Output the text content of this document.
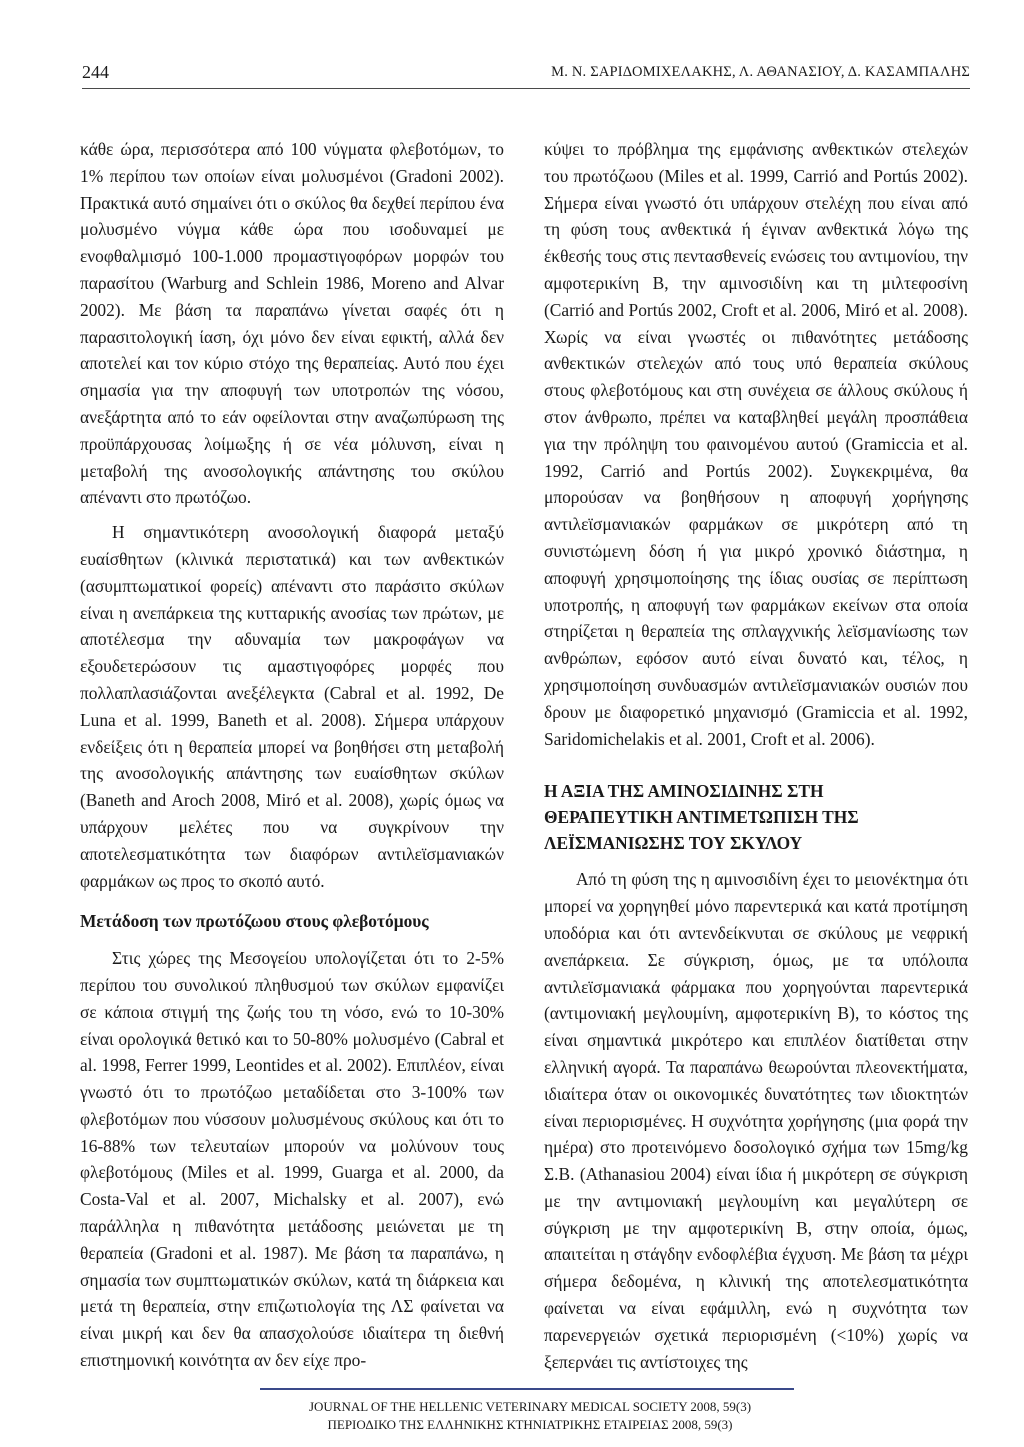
244	Μ. Ν. ΣΑΡΙΔΟΜΙΧΕΛΑΚΗΣ, Λ. ΑΘΑΝΑΣΙΟΥ, Δ. ΚΑΣΑΜΠΑΛΗΣ

κάθε ώρα, περισσότερα από 100 νύγματα φλεβοτόμων, το 1% περίπου των οποίων είναι μολυσμένοι (Gradoni 2002). Πρακτικά αυτό σημαίνει ότι ο σκύλος θα δεχθεί περίπου ένα μολυσμένο νύγμα κάθε ώρα που ισοδυναμεί με ενοφθαλμισμό 100-1.000 προμαστιγοφόρων μορφών του παρασίτου (Warburg and Schlein 1986, Moreno and Alvar 2002). Με βάση τα παραπάνω γίνεται σαφές ότι η παρασιτολογική ίαση, όχι μόνο δεν είναι εφικτή, αλλά δεν αποτελεί και τον κύριο στόχο της θεραπείας. Αυτό που έχει σημασία για την αποφυγή των υποτροπών της νόσου, ανεξάρτητα από το εάν οφείλονται στην αναζωπύρωση της προϋπάρχουσας λοίμωξης ή σε νέα μόλυνση, είναι η μεταβολή της ανοσολογικής απάντησης του σκύλου απέναντι στο πρωτόζωο.

Η σημαντικότερη ανοσολογική διαφορά μεταξύ ευαίσθητων (κλινικά περιστατικά) και των ανθεκτικών (ασυμπτωματικοί φορείς) απέναντι στο παράσιτο σκύλων είναι η ανεπάρκεια της κυτταρικής ανοσίας των πρώτων, με αποτέλεσμα την αδυναμία των μακροφάγων να εξουδετερώσουν τις αμαστιγοφόρες μορφές που πολλαπλασιάζονται ανεξέλεγκτα (Cabral et al. 1992, De Luna et al. 1999, Baneth et al. 2008). Σήμερα υπάρχουν ενδείξεις ότι η θεραπεία μπορεί να βοηθήσει στη μεταβολή της ανοσολογικής απάντησης των ευαίσθητων σκύλων (Baneth and Aroch 2008, Miró et al. 2008), χωρίς όμως να υπάρχουν μελέτες που να συγκρίνουν την αποτελεσματικότητα των διαφόρων αντιλεϊσμανιακών φαρμάκων ως προς το σκοπό αυτό.

Μετάδοση των πρωτόζωου στους φλεβοτόμους

Στις χώρες της Μεσογείου υπολογίζεται ότι το 2-5% περίπου του συνολικού πληθυσμού των σκύλων εμφανίζει σε κάποια στιγμή της ζωής του τη νόσο, ενώ το 10-30% είναι ορολογικά θετικό και το 50-80% μολυσμένο (Cabral et al. 1998, Ferrer 1999, Leontides et al. 2002). Επιπλέον, είναι γνωστό ότι το πρωτόζωο μεταδίδεται στο 3-100% των φλεβοτόμων που νύσσουν μολυσμένους σκύλους και ότι το 16-88% των τελευταίων μπορούν να μολύνουν τους φλεβοτόμους (Miles et al. 1999, Guarga et al. 2000, da Costa-Val et al. 2007, Michalsky et al. 2007), ενώ παράλληλα η πιθανότητα μετάδοσης μειώνεται με τη θεραπεία (Gradoni et al. 1987). Με βάση τα παραπάνω, η σημασία των συμπτωματικών σκύλων, κατά τη διάρκεια και μετά τη θεραπεία, στην επιζωτιολογία της ΛΣ φαίνεται να είναι μικρή και δεν θα απασχολούσε ιδιαίτερα τη διεθνή επιστημονική κοινότητα αν δεν είχε προ-

κύψει το πρόβλημα της εμφάνισης ανθεκτικών στελεχών του πρωτόζωου (Miles et al. 1999, Carrió and Portús 2002). Σήμερα είναι γνωστό ότι υπάρχουν στελέχη που είναι από τη φύση τους ανθεκτικά ή έγιναν ανθεκτικά λόγω της έκθεσής τους στις πεντασθενείς ενώσεις του αντιμονίου, την αμφοτερικίνη Β, την αμινοσιδίνη και τη μιλτεφοσίνη (Carrió and Portús 2002, Croft et al. 2006, Miró et al. 2008). Χωρίς να είναι γνωστές οι πιθανότητες μετάδοσης ανθεκτικών στελεχών από τους υπό θεραπεία σκύλους στους φλεβοτόμους και στη συνέχεια σε άλλους σκύλους ή στον άνθρωπο, πρέπει να καταβληθεί μεγάλη προσπάθεια για την πρόληψη του φαινομένου αυτού (Gramiccia et al. 1992, Carrió and Portús 2002). Συγκεκριμένα, θα μπορούσαν να βοηθήσουν η αποφυγή χορήγησης αντιλεϊσμανιακών φαρμάκων σε μικρότερη από τη συνιστώμενη δόση ή για μικρό χρονικό διάστημα, η αποφυγή χρησιμοποίησης της ίδιας ουσίας σε περίπτωση υποτροπής, η αποφυγή των φαρμάκων εκείνων στα οποία στηρίζεται η θεραπεία της σπλαγχνικής λεϊσμανίωσης των ανθρώπων, εφόσον αυτό είναι δυνατό και, τέλος, η χρησιμοποίηση συνδυασμών αντιλεϊσμανιακών ουσιών που δρουν με διαφορετικό μηχανισμό (Gramiccia et al. 1992, Saridomichelakis et al. 2001, Croft et al. 2006).

Η ΑΞΙΑ ΤΗΣ ΑΜΙΝΟΣΙΔΙΝΗΣ ΣΤΗ
ΘΕΡΑΠΕΥΤΙΚΗ ΑΝΤΙΜΕΤΩΠΙΣΗ ΤΗΣ
ΛΕΪΣΜΑΝΙΩΣΗΣ ΤΟΥ ΣΚΥΛΟΥ

Από τη φύση της η αμινοσιδίνη έχει το μειονέκτημα ότι μπορεί να χορηγηθεί μόνο παρεντερικά και κατά προτίμηση υποδόρια και ότι αντενδείκνυται σε σκύλους με νεφρική ανεπάρκεια. Σε σύγκριση, όμως, με τα υπόλοιπα αντιλεϊσμανιακά φάρμακα που χορηγούνται παρεντερικά (αντιμονιακή μεγλουμίνη, αμφοτερικίνη Β), το κόστος της είναι σημαντικά μικρότερο και επιπλέον διατίθεται στην ελληνική αγορά. Τα παραπάνω θεωρούνται πλεονεκτήματα, ιδιαίτερα όταν οι οικονομικές δυνατότητες των ιδιοκτητών είναι περιορισμένες. Η συχνότητα χορήγησης (μια φορά την ημέρα) στο προτεινόμενο δοσολογικό σχήμα των 15mg/kg Σ.Β. (Athanasiou 2004) είναι ίδια ή μικρότερη σε σύγκριση με την αντιμονιακή μεγλουμίνη και μεγαλύτερη σε σύγκριση με την αμφοτερικίνη Β, στην οποία, όμως, απαιτείται η στάγδην ενδοφλέβια έγχυση. Με βάση τα μέχρι σήμερα δεδομένα, η κλινική της αποτελεσματικότητα φαίνεται να είναι εφάμιλλη, ενώ η συχνότητα των παρενεργειών σχετικά περιορισμένη (<10%) χωρίς να ξεπερνάει τις αντίστοιχες της

JOURNAL OF THE HELLENIC VETERINARY MEDICAL SOCIETY 2008, 59(3)
ΠΕΡΙΟΔΙΚΟ ΤΗΣ ΕΛΛΗΝΙΚΗΣ ΚΤΗΝΙΑΤΡΙΚΗΣ ΕΤΑΙΡΕΙΑΣ 2008, 59(3)
